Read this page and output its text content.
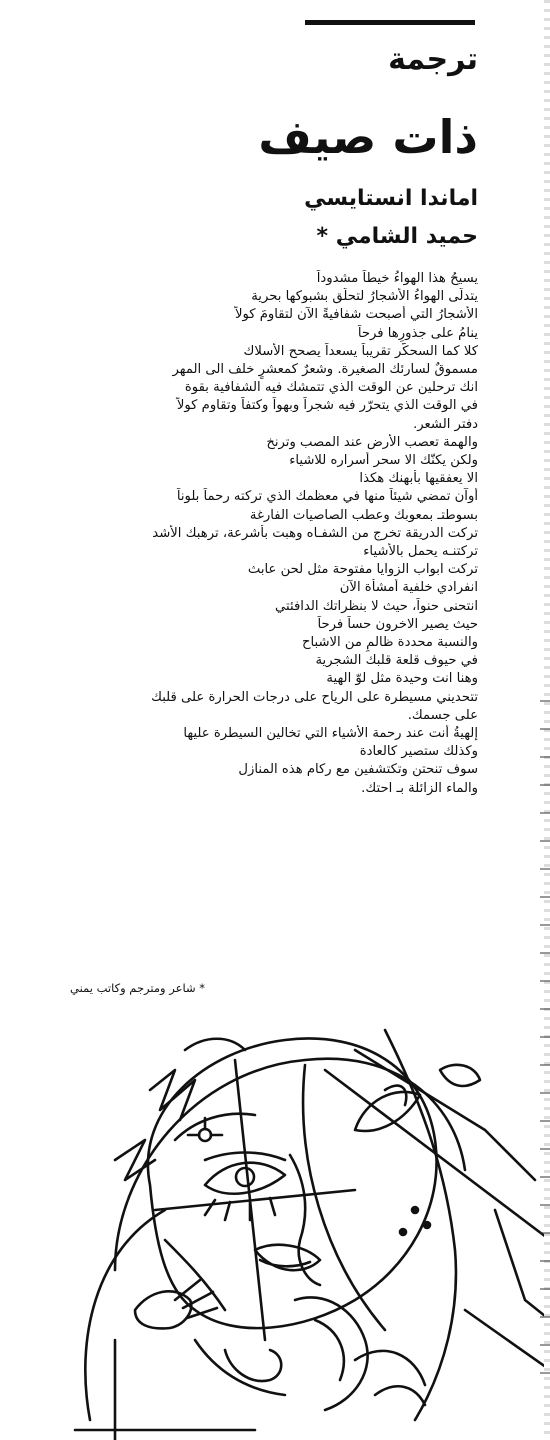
ترجمة
ذات صيف
اماندا انستايسي
حميد الشامي *
يسيحُ هذا الهواءُ خيطاً مشدوداً
يتدلّى الهواءُ الأشجارُ لتحلّق بشبوكها بحرية
الأشجارُ التي أصبحت شفافيةً الآن لتقاومَ كولاً
ينامُ على جذورِها فرحاً
كلا كما السحكّر تقريباً يسعداً يصحح الأسلاك
مسموقٌ لسارئك الصغيرة. وشعرٌ كمعشرٍ خلف الى المهر
انك ترحلين عن الوقت الذي تتمشك فيه الشفافية بقوة
في الوقت الذي يتحرّر فيه شجراً وبهواً وكتفاً وتقاوم كولاً
دفتر الشعر.
والهمة تعصب الأرض عند المصب وترنخ
ولكن يكنّك الا سحر أسراره للاشياء
الا يعفقيها بأبهنك هكذا
أوآن تمضي شيئاً منها في معظمك الذي تركته رحماً بلوناً
بسوطتـ بمعوبك وعطب الصاصيات الفارغة
تركت الدريقة تخرج من الشفـاه وهبت بأشرعة، ترهبك الأشد
تركتنـه يحمل بالأشياء
تركت ابواب الزوايا مفتوحة مثل لحن عابث
انفرادي خلفية أمشأة الآن
انتحنى حنواً، حيث لا بنظراتك الدافئتي
حيث يصير الاخرون حساً فرحاً
والنسبة محددة ظالمٍ من الاشباح
في حيوف قلعة قلبك الشجرية
وهنا انت وحيدة مثل لوّ الهية
تتحديني مسيطرة على الرياح على درجات الحرارة على قلبك
على جسمك.
إلهيةُ أنت عند رحمة الأشياء التي تخالين السيطرة عليها
وكذلك ستصير كالعادة
سوف تنحتن وتكتشفين مع ركام هذه المنازل
والماء الزائلة بـ احتك.
* شاعر ومترجم وكاتب يمني
